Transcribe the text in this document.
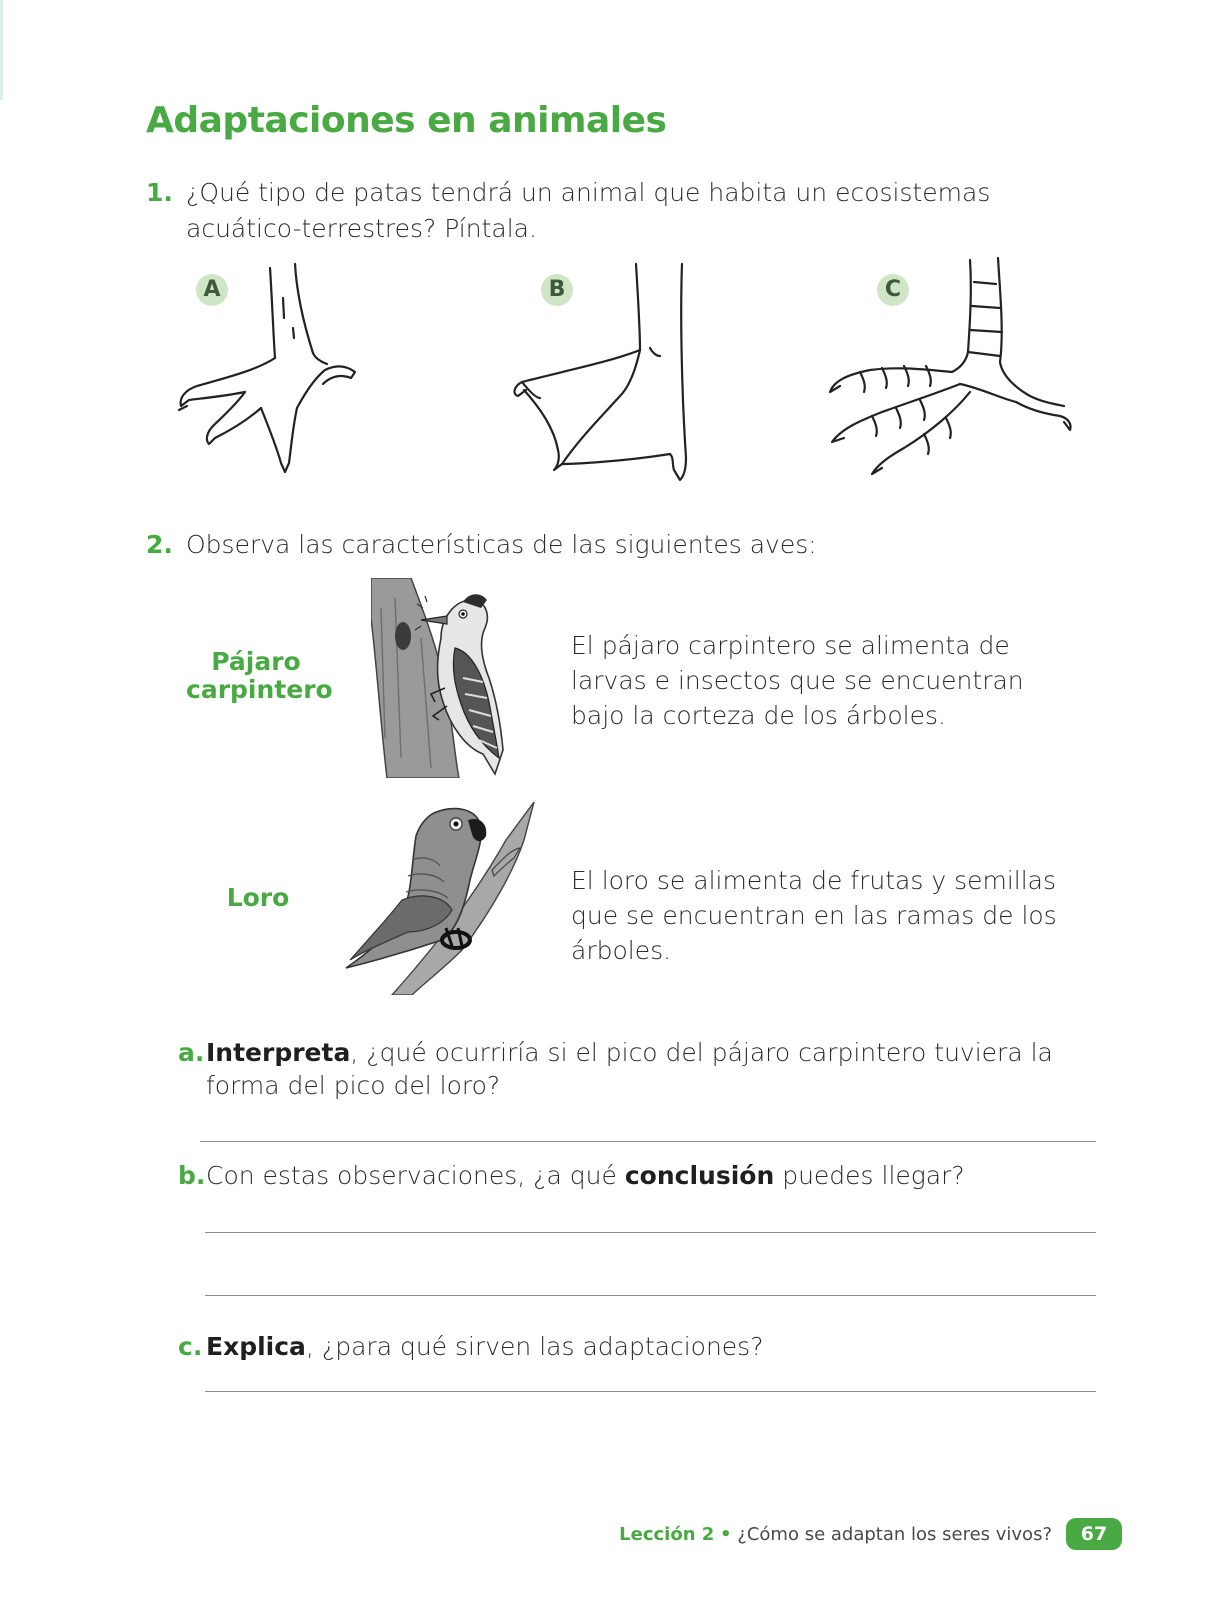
Adaptaciones en animales
1. ¿Qué tipo de patas tendrá un animal que habita un ecosistemas acuático-terrestres? Píntala.
A	B	C
2. Observa las características de las siguientes aves:
Pájaro carpintero
El pájaro carpintero se alimenta de larvas e insectos que se encuentran bajo la corteza de los árboles.
Loro
El loro se alimenta de frutas y semillas que se encuentran en las ramas de los árboles.
a. Interpreta, ¿qué ocurriría si el pico del pájaro carpintero tuviera la forma del pico del loro?
b. Con estas observaciones, ¿a qué conclusión puedes llegar?
c. Explica, ¿para qué sirven las adaptaciones?
Lección 2 • ¿Cómo se adaptan los seres vivos?	67
